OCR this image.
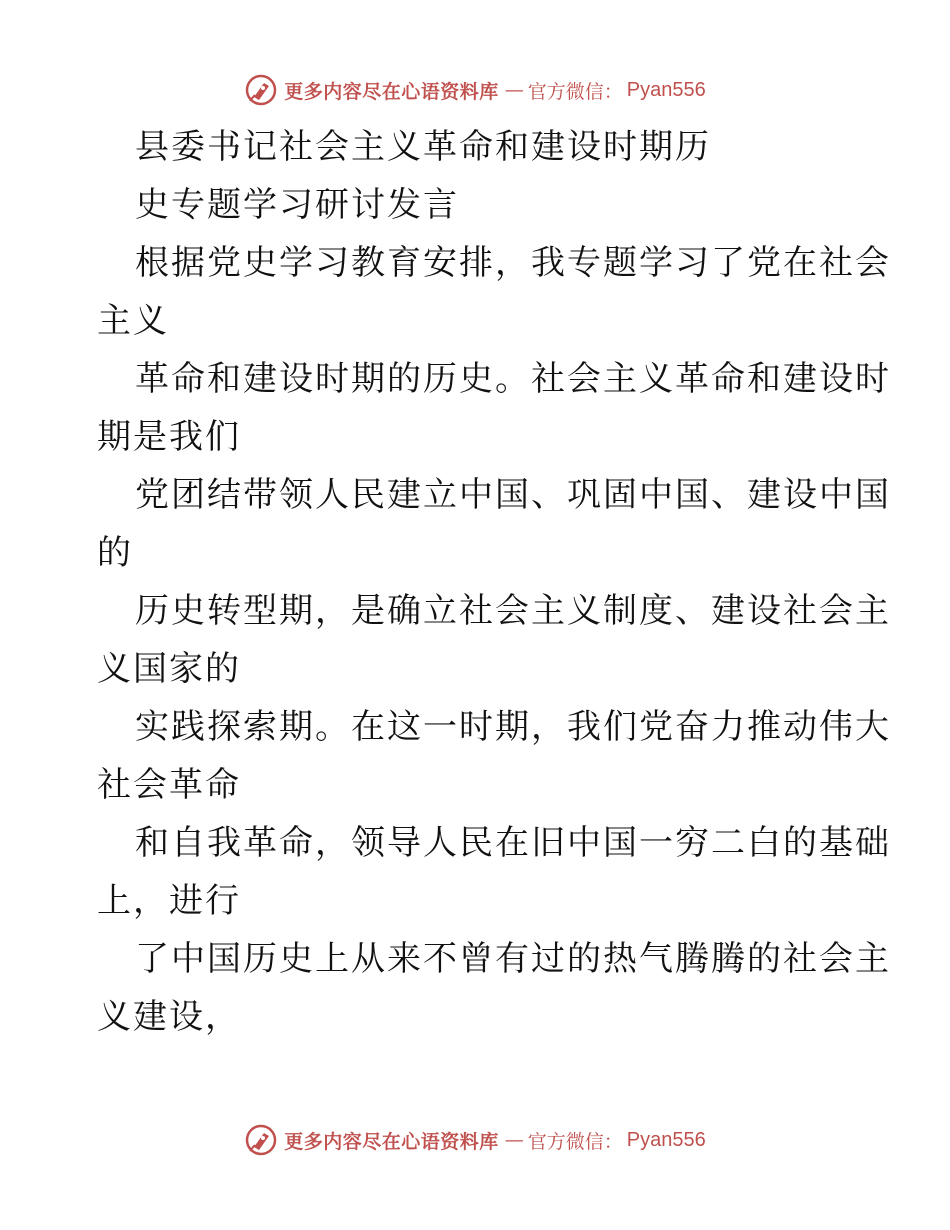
更多内容尽在心语资料库 — 官方微信： Pyan556
县委书记社会主义革命和建设时期历
史专题学习研讨发言
根据党史学习教育安排，我专题学习了党在社会
主义
革命和建设时期的历史。社会主义革命和建设时
期是我们
党团结带领人民建立中国、巩固中国、建设中国
的
历史转型期，是确立社会主义制度、建设社会主
义国家的
实践探索期。在这一时期，我们党奋力推动伟大
社会革命
和自我革命，领导人民在旧中国一穷二白的基础
上，进行
了中国历史上从来不曾有过的热气腾腾的社会主
义建设，
更多内容尽在心语资料库 — 官方微信： Pyan556
